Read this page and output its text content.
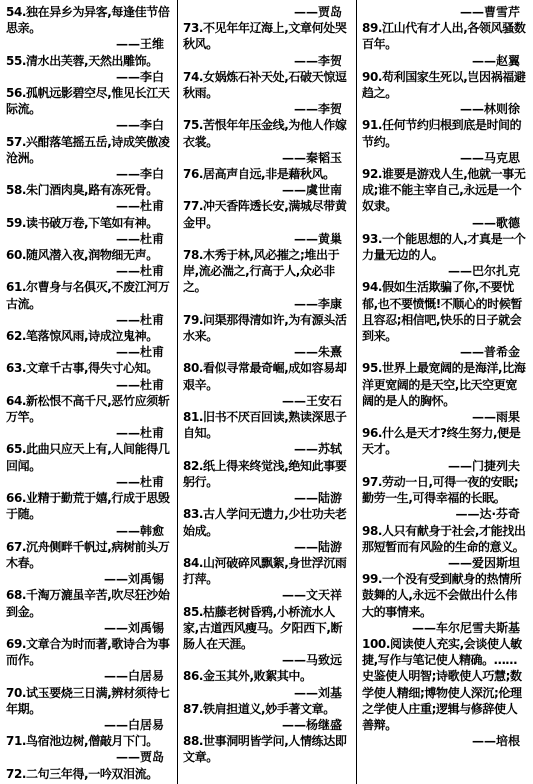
54.独在异乡为异客,每逢佳节倍思亲。
——王维
55.清水出芙蓉,天然出雕饰。
——李白
56.孤帆远影碧空尽,惟见长江天际流。
——李白
57.兴酣落笔摇五岳,诗成笑傲凌沧洲。
——李白
58.朱门酒肉臭,路有冻死骨。
——杜甫
59.读书破万卷,下笔如有神。
——杜甫
60.随风潜入夜,润物细无声。
——杜甫
61.尔曹身与名俱灭,不废江河万古流。
——杜甫
62.笔落惊风雨,诗成泣鬼神。
——杜甫
63.文章千古事,得失寸心知。
——杜甫
64.新松恨不高千尺,恶竹应须斩万竿。
——杜甫
65.此曲只应天上有,人间能得几回闻。
——杜甫
66.业精于勤荒于嬉,行成于思毁于随。
——韩愈
67.沉舟侧畔千帆过,病树前头万木春。
——刘禹锡
68.千淘万漉虽辛苦,吹尽狂沙始到金。
——刘禹锡
69.文章合为时而著,歌诗合为事而作。
——白居易
70.试玉要烧三日满,辨材须待七年期。
——白居易
71.鸟宿池边树,僧敲月下门。
——贾岛
72.二句三年得,一吟双泪流。
——贾岛
73.不见年年辽海上,文章何处哭秋风。
——李贺
74.女娲炼石补天处,石破天惊逗秋雨。
——李贺
75.苦恨年年压金线,为他人作嫁衣裳。
——秦韬玉
76.居高声自远,非是藉秋风。
——虞世南
77.冲天香阵透长安,满城尽带黄金甲。
——黄巢
78.木秀于林,风必摧之;堆出于岸,流必湍之,行高于人,众必非之。
——李康
79.问渠那得清如许,为有源头活水来。
——朱熹
80.看似寻常最奇崛,成如容易却艰辛。
——王安石
81.旧书不厌百回读,熟读深思子自知。
——苏轼
82.纸上得来终觉浅,绝知此事要躬行。
——陆游
83.古人学问无遗力,少壮功夫老始成。
——陆游
84.山河破碎风飘絮,身世浮沉雨打萍。
——文天祥
85.枯藤老树昏鸦,小桥流水人家,古道西风瘦马。夕阳西下,断肠人在天涯。
——马致远
86.金玉其外,败絮其中。
——刘基
87.铁肩担道义,妙手著文章。
——杨继盛
88.世事洞明皆学问,人情练达即文章。
——曹雪芹
89.江山代有才人出,各领风骚数百年。
——赵翼
90.苟利国家生死以,岂因祸福避趋之。
——林则徐
91.任何节约归根到底是时间的节约。
——马克思
92.谁要是游戏人生,他就一事无成;谁不能主宰自己,永远是一个奴隶。
——歌德
93.一个能思想的人,才真是一个力量无边的人。
——巴尔扎克
94.假如生活欺骗了你,不要忧郁,也不要愤慨!不顺心的时候暂且容忍;相信吧,快乐的日子就会到来。
——普希金
95.世界上最宽阔的是海洋,比海洋更宽阔的是天空,比天空更宽阔的是人的胸怀。
——雨果
96.什么是天才?终生努力,便是天才。
——门捷列夫
97.劳动一日,可得一夜的安眠;勤劳一生,可得幸福的长眠。
——达·芬奇
98.人只有献身于社会,才能找出那短暂而有风险的生命的意义。
——爱因斯坦
99.一个没有受到献身的热情所鼓舞的人,永远不会做出什么伟大的事情来。
——车尔尼雪夫斯基
100.阅读使人充实,会谈使人敏捷,写作与笔记使人精确。……史鉴使人明智;诗歌使人巧慧;数学使人精细;博物使人深沉;伦理之学使人庄重;逻辑与修辞使人善辩。
——培根
